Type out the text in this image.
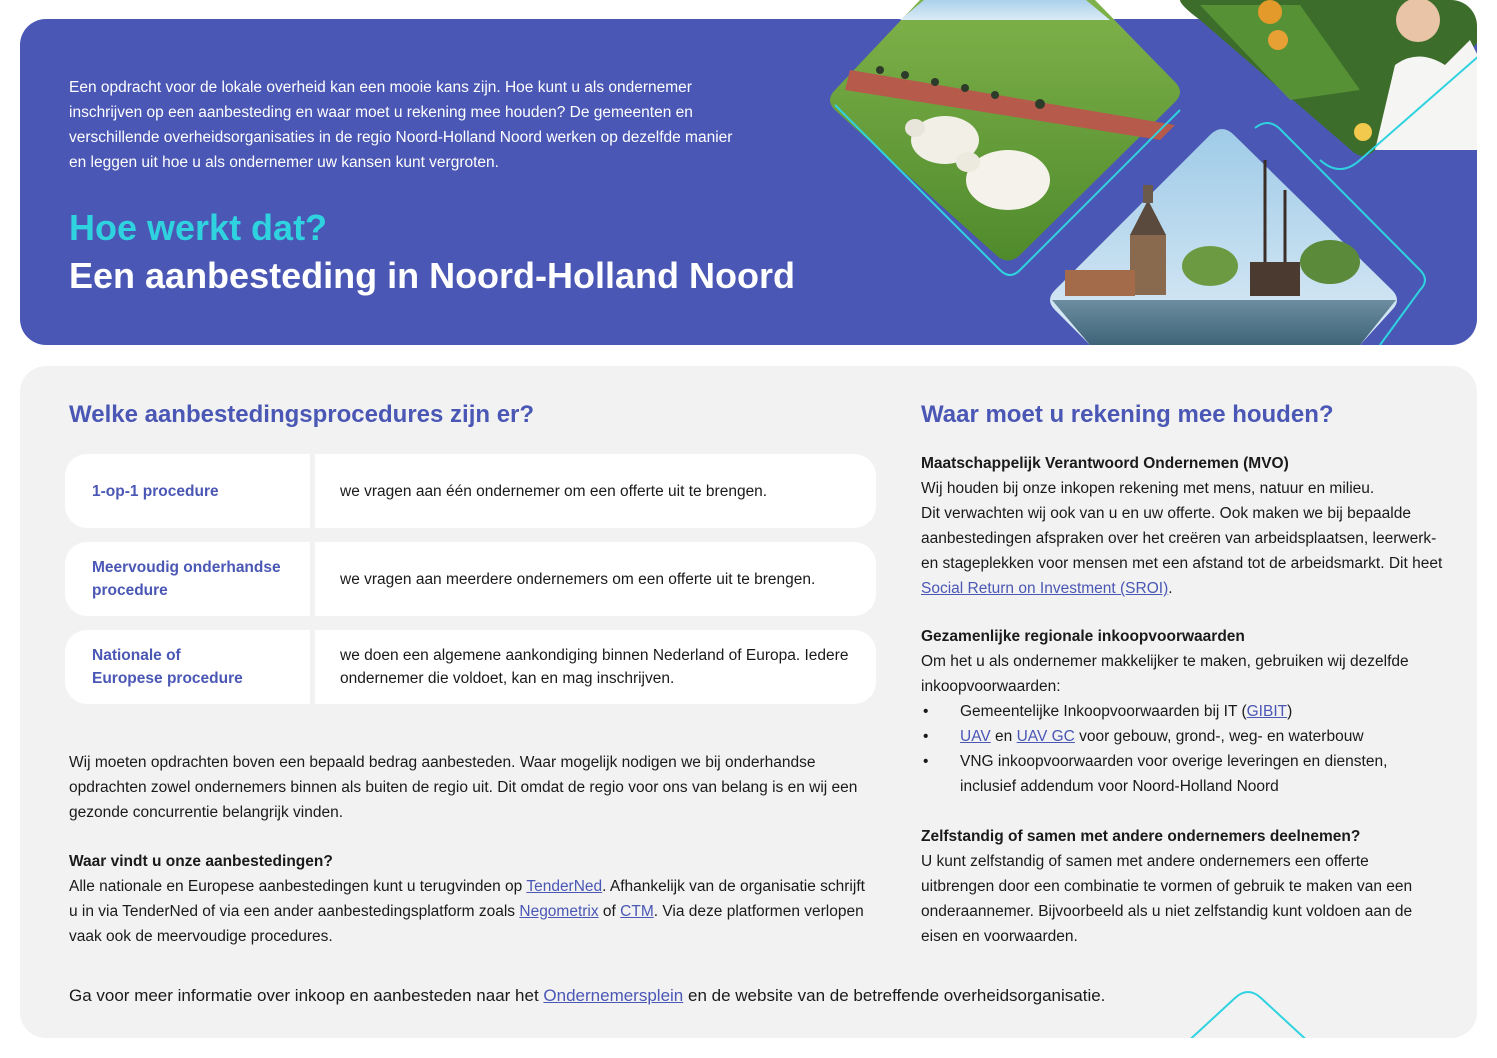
Een opdracht voor de lokale overheid kan een mooie kans zijn. Hoe kunt u als ondernemer inschrijven op een aanbesteding en waar moet u rekening mee houden? De gemeenten en verschillende overheidsorganisaties in de regio Noord-Holland Noord werken op dezelfde manier en leggen uit hoe u als ondernemer uw kansen kunt vergroten.

Hoe werkt dat?
Een aanbesteding in Noord-Holland Noord
Welke aanbestedingsprocedures zijn er?
1-op-1 procedure	we vragen aan één ondernemer om een offerte uit te brengen.
Meervoudig onderhandse procedure
we vragen aan meerdere ondernemers om een offerte uit te brengen.
Nationale of Europese procedure
we doen een algemene aankondiging binnen Nederland of Europa. Iedere ondernemer die voldoet, kan en mag inschrijven.

Wij moeten opdrachten boven een bepaald bedrag aanbesteden. Waar mogelijk nodigen we bij onderhandse opdrachten zowel ondernemers binnen als buiten de regio uit. Dit omdat de regio voor ons van belang is en wij een gezonde concurrentie belangrijk vinden.

Waar vindt u onze aanbestedingen?
Alle nationale en Europese aanbestedingen kunt u terugvinden op TenderNed. Afhankelijk van de organisatie schrijft u in via TenderNed of via een ander aanbestedingsplatform zoals Negometrix of CTM. Via deze platformen verlopen vaak ook de meervoudige procedures.
Waar moet u rekening mee houden?
Maatschappelijk Verantwoord Ondernemen (MVO)
Wij houden bij onze inkopen rekening met mens, natuur en milieu.
Dit verwachten wij ook van u en uw offerte. Ook maken we bij bepaalde aanbestedingen afspraken over het creëren van arbeidsplaatsen, leerwerk- en stageplekken voor mensen met een afstand tot de arbeidsmarkt. Dit heet Social Return on Investment (SROI).
Gezamenlijke regionale inkoopvoorwaarden
Om het u als ondernemer makkelijker te maken, gebruiken wij dezelfde inkoopvoorwaarden:
• Gemeentelijke Inkoopvoorwaarden bij IT (GIBIT)
• UAV en UAV GC voor gebouw, grond-, weg- en waterbouw
• VNG inkoopvoorwaarden voor overige leveringen en diensten, inclusief addendum voor Noord-Holland Noord
Zelfstandig of samen met andere ondernemers deelnemen?
U kunt zelfstandig of samen met andere ondernemers een offerte uitbrengen door een combinatie te vormen of gebruik te maken van een onderaannemer. Bijvoorbeeld als u niet zelfstandig kunt voldoen aan de eisen en voorwaarden.

Ga voor meer informatie over inkoop en aanbesteden naar het Ondernemersplein en de website van de betreffende overheidsorganisatie.
